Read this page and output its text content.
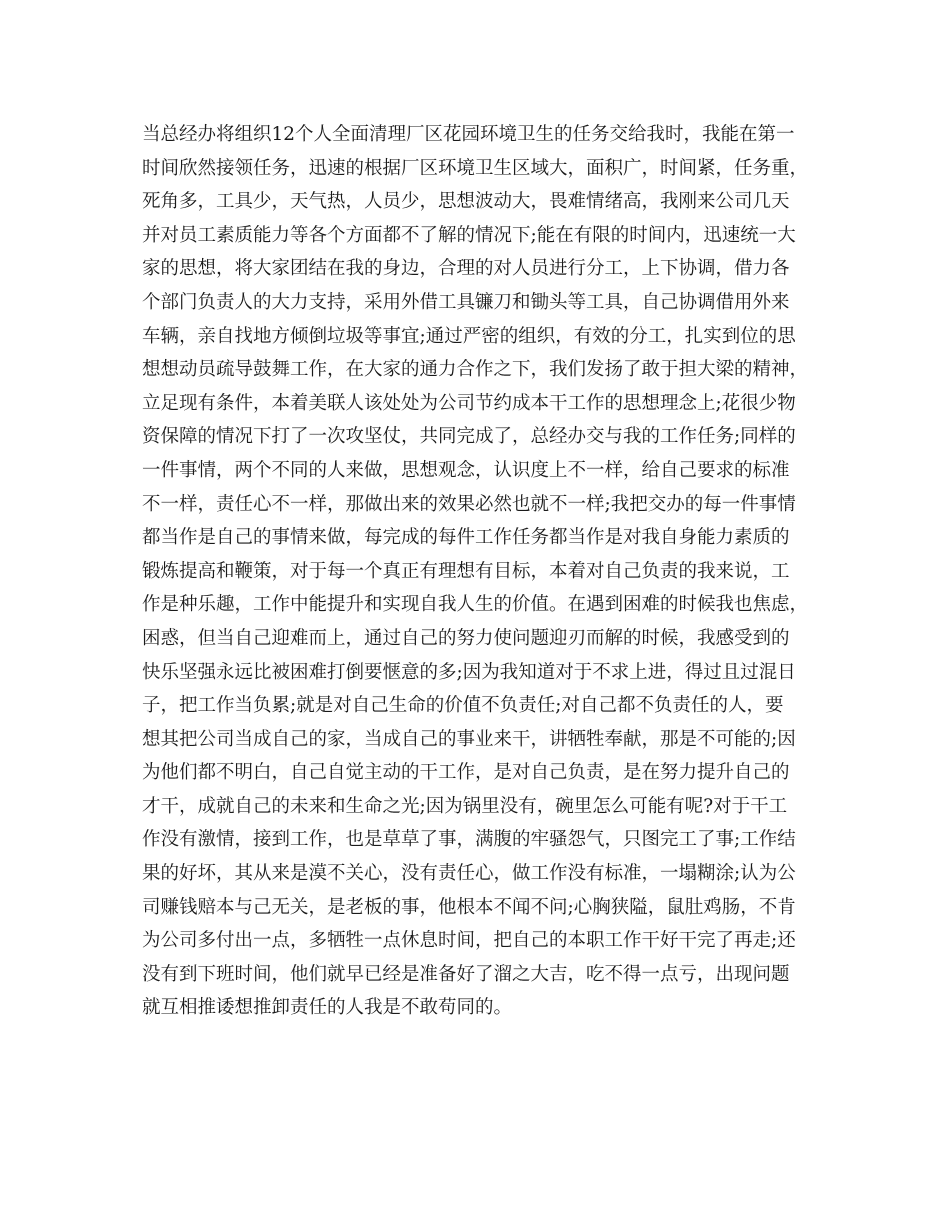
当总经办将组织12个人全面清理厂区花园环境卫生的任务交给我时，我能在第一
时间欣然接领任务，迅速的根据厂区环境卫生区域大，面积广，时间紧，任务重，
死角多，工具少，天气热，人员少，思想波动大，畏难情绪高，我刚来公司几天
并对员工素质能力等各个方面都不了解的情况下;能在有限的时间内，迅速统一大
家的思想，将大家团结在我的身边，合理的对人员进行分工，上下协调，借力各
个部门负责人的大力支持，采用外借工具镰刀和锄头等工具，自己协调借用外来
车辆，亲自找地方倾倒垃圾等事宜;通过严密的组织，有效的分工，扎实到位的思
想想动员疏导鼓舞工作，在大家的通力合作之下，我们发扬了敢于担大梁的精神，
立足现有条件，本着美联人该处处为公司节约成本干工作的思想理念上;花很少物
资保障的情况下打了一次攻坚仗，共同完成了，总经办交与我的工作任务;同样的
一件事情，两个不同的人来做，思想观念，认识度上不一样，给自己要求的标准
不一样，责任心不一样，那做出来的效果必然也就不一样;我把交办的每一件事情
都当作是自己的事情来做，每完成的每件工作任务都当作是对我自身能力素质的
锻炼提高和鞭策，对于每一个真正有理想有目标，本着对自己负责的我来说，工
作是种乐趣，工作中能提升和实现自我人生的价值。在遇到困难的时候我也焦虑，
困惑，但当自己迎难而上，通过自己的努力使问题迎刃而解的时候，我感受到的
快乐坚强永远比被困难打倒要惬意的多;因为我知道对于不求上进，得过且过混日
子，把工作当负累;就是对自己生命的价值不负责任;对自己都不负责任的人，要
想其把公司当成自己的家，当成自己的事业来干，讲牺牲奉献，那是不可能的;因
为他们都不明白，自己自觉主动的干工作，是对自己负责，是在努力提升自己的
才干，成就自己的未来和生命之光;因为锅里没有，碗里怎么可能有呢?对于干工
作没有激情，接到工作，也是草草了事，满腹的牢骚怨气，只图完工了事;工作结
果的好坏，其从来是漠不关心，没有责任心，做工作没有标准，一塌糊涂;认为公
司赚钱赔本与己无关，是老板的事，他根本不闻不问;心胸狭隘，鼠肚鸡肠，不肯
为公司多付出一点，多牺牲一点休息时间，把自己的本职工作干好干完了再走;还
没有到下班时间，他们就早已经是准备好了溜之大吉，吃不得一点亏，出现问题
就互相推诿想推卸责任的人我是不敢苟同的。
